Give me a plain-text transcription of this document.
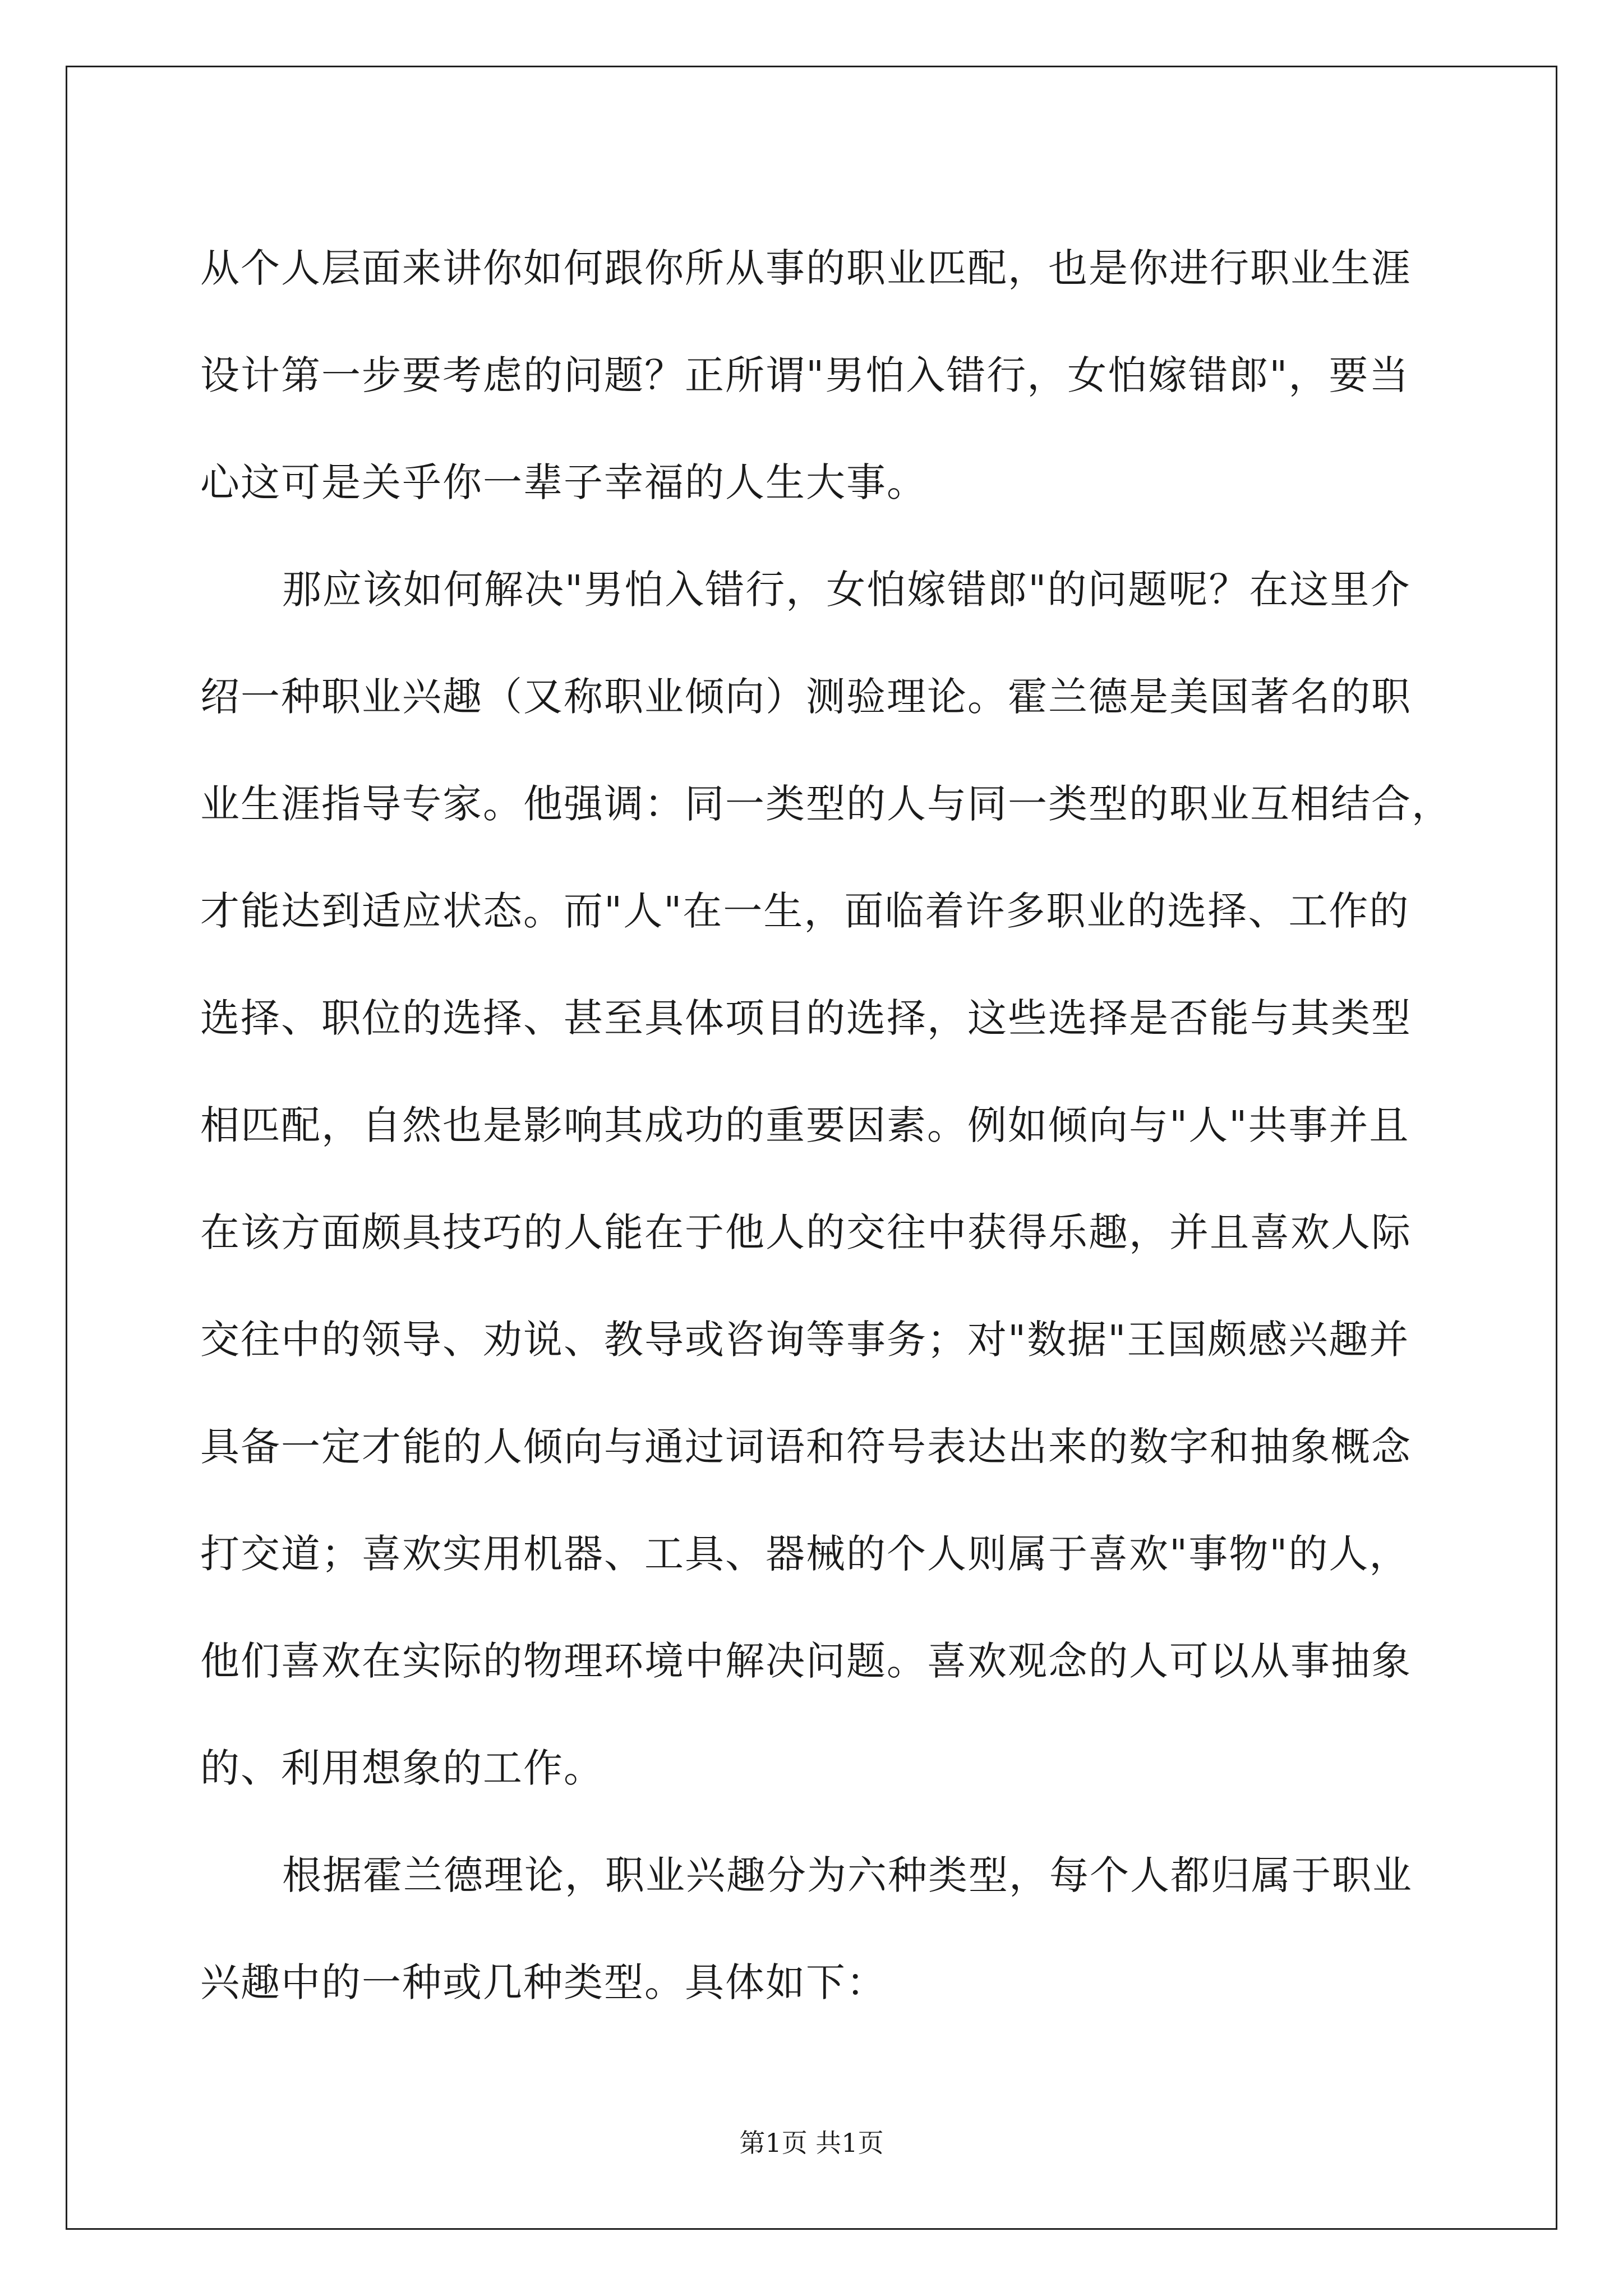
从个人层面来讲你如何跟你所从事的职业匹配，也是你进行职业生涯
设计第一步要考虑的问题？正所谓"男怕入错行，女怕嫁错郎"，要当
心这可是关乎你一辈子幸福的人生大事。
那应该如何解决"男怕入错行，女怕嫁错郎"的问题呢？在这里介
绍一种职业兴趣（又称职业倾向）测验理论。霍兰德是美国著名的职
业生涯指导专家。他强调：同一类型的人与同一类型的职业互相结合，
才能达到适应状态。而"人"在一生，面临着许多职业的选择、工作的
选择、职位的选择、甚至具体项目的选择，这些选择是否能与其类型
相匹配，自然也是影响其成功的重要因素。例如倾向与"人"共事并且
在该方面颇具技巧的人能在于他人的交往中获得乐趣，并且喜欢人际
交往中的领导、劝说、教导或咨询等事务；对"数据"王国颇感兴趣并
具备一定才能的人倾向与通过词语和符号表达出来的数字和抽象概念
打交道；喜欢实用机器、工具、器械的个人则属于喜欢"事物"的人，
他们喜欢在实际的物理环境中解决问题。喜欢观念的人可以从事抽象
的、利用想象的工作。
根据霍兰德理论，职业兴趣分为六种类型，每个人都归属于职业
兴趣中的一种或几种类型。具体如下：
第1页 共1页
